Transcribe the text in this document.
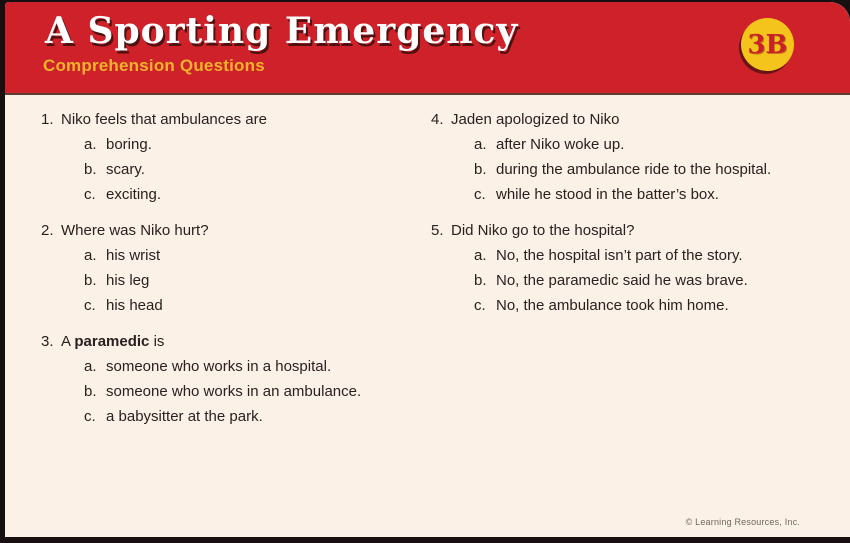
A Sporting Emergency
Comprehension Questions
3B
1. Niko feels that ambulances are
a. boring.
b. scary.
c. exciting.
2. Where was Niko hurt?
a. his wrist
b. his leg
c. his head
3. A paramedic is
a. someone who works in a hospital.
b. someone who works in an ambulance.
c. a babysitter at the park.
4. Jaden apologized to Niko
a. after Niko woke up.
b. during the ambulance ride to the hospital.
c. while he stood in the batter’s box.
5. Did Niko go to the hospital?
a. No, the hospital isn’t part of the story.
b. No, the paramedic said he was brave.
c. No, the ambulance took him home.
© Learning Resources, Inc.
